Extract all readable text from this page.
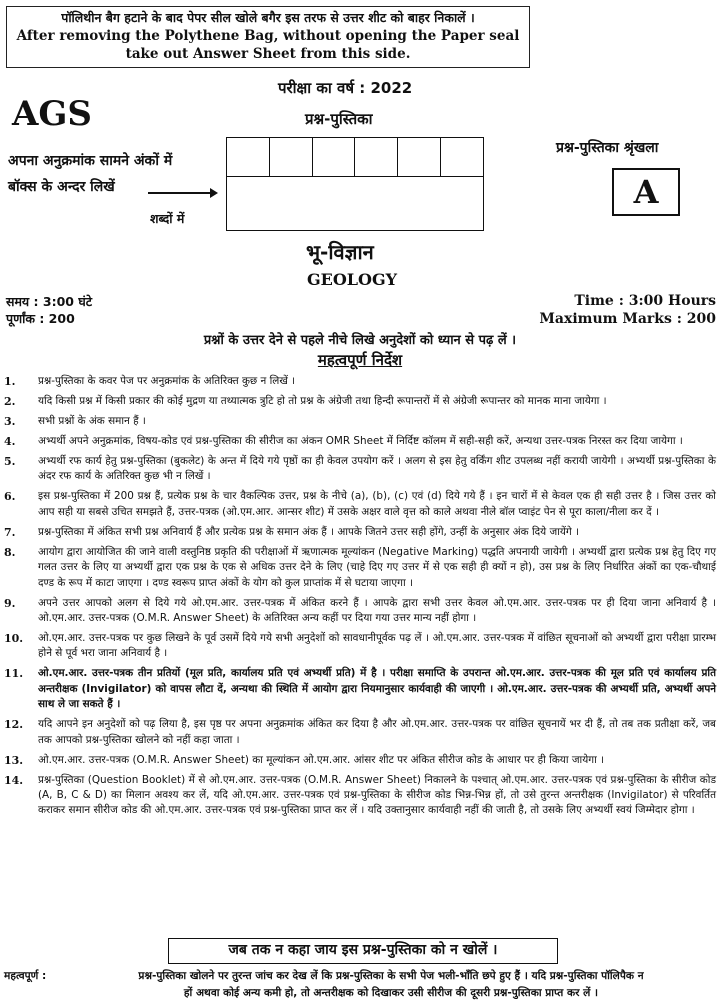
पॉलिथीन बैग हटाने के बाद पेपर सील खोले बगैर इस तरफ से उत्तर शीट को बाहर निकालें ।
After removing the Polythene Bag, without opening the Paper seal
take out Answer Sheet from this side.
परीक्षा का वर्ष : 2022
AGS	प्रश्न-पुस्तिका
प्रश्न-पुस्तिका श्रृंखला
A
अपना अनुक्रमांक सामने अंकों में
बॉक्स के अन्दर लिखें
शब्दों में
भू-विज्ञान
GEOLOGY
समय : 3:00 घंटे
पूर्णांक : 200
Time : 3:00 Hours
Maximum Marks : 200
प्रश्नों के उत्तर देने से पहले नीचे लिखे अनुदेशों को ध्यान से पढ़ लें ।
महत्वपूर्ण निर्देश
1.	प्रश्न-पुस्तिका के कवर पेज पर अनुक्रमांक के अतिरिक्त कुछ न लिखें ।
2.	यदि किसी प्रश्न में किसी प्रकार की कोई मुद्रण या तथ्यात्मक त्रुटि हो तो प्रश्न के अंग्रेजी तथा हिन्दी रूपान्तरों में से अंग्रेजी रूपान्तर को मानक माना जायेगा ।
3.	सभी प्रश्नों के अंक समान हैं ।
4.	अभ्यर्थी अपने अनुक्रमांक, विषय-कोड एवं प्रश्न-पुस्तिका की सीरीज का अंकन OMR Sheet में निर्दिष्ट कॉलम में सही-सही करें, अन्यथा उत्तर-पत्रक निरस्त कर दिया जायेगा ।
5.	अभ्यर्थी रफ कार्य हेतु प्रश्न-पुस्तिका (बुकलेट) के अन्त में दिये गये पृष्ठों का ही केवल उपयोग करें । अलग से इस हेतु वर्किंग शीट उपलब्ध नहीं करायी जायेगी । अभ्यर्थी प्रश्न-पुस्तिका के अंदर रफ कार्य के अतिरिक्त कुछ भी न लिखें ।
6.	इस प्रश्न-पुस्तिका में 200 प्रश्न हैं, प्रत्येक प्रश्न के चार वैकल्पिक उत्तर, प्रश्न के नीचे (a), (b), (c) एवं (d) दिये गये हैं । इन चारों में से केवल एक ही सही उत्तर है । जिस उत्तर को आप सही या सबसे उचित समझते हैं, उत्तर-पत्रक (ओ.एम.आर. आन्सर शीट) में उसके अक्षर वाले वृत्त को काले अथवा नीले बॉल प्वाइंट पेन से पूरा काला/नीला कर दें ।
7.	प्रश्न-पुस्तिका में अंकित सभी प्रश्न अनिवार्य हैं और प्रत्येक प्रश्न के समान अंक हैं । आपके जितने उत्तर सही होंगे, उन्हीं के अनुसार अंक दिये जायेंगे ।
8.	आयोग द्वारा आयोजित की जाने वाली वस्तुनिष्ठ प्रकृति की परीक्षाओं में ऋणात्मक मूल्यांकन (Negative Marking) पद्धति अपनायी जायेगी । अभ्यर्थी द्वारा प्रत्येक प्रश्न हेतु दिए गए गलत उत्तर के लिए या अभ्यर्थी द्वारा एक प्रश्न के एक से अधिक उत्तर देने के लिए (चाहे दिए गए उत्तर में से एक सही ही क्यों न हो), उस प्रश्न के लिए निर्धारित अंकों का एक-चौथाई दण्ड के रूप में काटा जाएगा । दण्ड स्वरूप प्राप्त अंकों के योग को कुल प्राप्तांक में से घटाया जाएगा ।
9.	अपने उत्तर आपको अलग से दिये गये ओ.एम.आर. उत्तर-पत्रक में अंकित करने हैं । आपके द्वारा सभी उत्तर केवल ओ.एम.आर. उत्तर-पत्रक पर ही दिया जाना अनिवार्य है । ओ.एम.आर. उत्तर-पत्रक (O.M.R. Answer Sheet) के अतिरिक्त अन्य कहीं पर दिया गया उत्तर मान्य नहीं होगा ।
10.	ओ.एम.आर. उत्तर-पत्रक पर कुछ लिखने के पूर्व उसमें दिये गये सभी अनुदेशों को सावधानीपूर्वक पढ़ लें । ओ.एम.आर. उत्तर-पत्रक में वांछित सूचनाओं को अभ्यर्थी द्वारा परीक्षा प्रारम्भ होने से पूर्व भरा जाना अनिवार्य है ।
11.	ओ.एम.आर. उत्तर-पत्रक तीन प्रतियों (मूल प्रति, कार्यालय प्रति एवं अभ्यर्थी प्रति) में है । परीक्षा समाप्ति के उपरान्त ओ.एम.आर. उत्तर-पत्रक की मूल प्रति एवं कार्यालय प्रति अन्तरीक्षक (Invigilator) को वापस लौटा दें, अन्यथा की स्थिति में आयोग द्वारा नियमानुसार कार्यवाही की जाएगी । ओ.एम.आर. उत्तर-पत्रक की अभ्यर्थी प्रति, अभ्यर्थी अपने साथ ले जा सकते हैं ।
12.	यदि आपने इन अनुदेशों को पढ़ लिया है, इस पृष्ठ पर अपना अनुक्रमांक अंकित कर दिया है और ओ.एम.आर. उत्तर-पत्रक पर वांछित सूचनायें भर दी हैं, तो तब तक प्रतीक्षा करें, जब तक आपको प्रश्न-पुस्तिका खोलने को नहीं कहा जाता ।
13.	ओ.एम.आर. उत्तर-पत्रक (O.M.R. Answer Sheet) का मूल्यांकन ओ.एम.आर. आंसर शीट पर अंकित सीरीज कोड के आधार पर ही किया जायेगा ।
14.	प्रश्न-पुस्तिका (Question Booklet) में से ओ.एम.आर. उत्तर-पत्रक (O.M.R. Answer Sheet) निकालने के पश्चात् ओ.एम.आर. उत्तर-पत्रक एवं प्रश्न-पुस्तिका के सीरीज कोड (A, B, C & D) का मिलान अवश्य कर लें, यदि ओ.एम.आर. उत्तर-पत्रक एवं प्रश्न-पुस्तिका के सीरीज कोड भिन्न-भिन्न हों, तो उसे तुरन्त अन्तरीक्षक (Invigilator) से परिवर्तित कराकर समान सीरीज कोड की ओ.एम.आर. उत्तर-पत्रक एवं प्रश्न-पुस्तिका प्राप्त कर लें । यदि उक्तानुसार कार्यवाही नहीं की जाती है, तो उसके लिए अभ्यर्थी स्वयं जिम्मेदार होगा ।
जब तक न कहा जाय इस प्रश्न-पुस्तिका को न खोलें ।
महत्वपूर्ण :	प्रश्न-पुस्तिका खोलने पर तुरन्त जांच कर देख लें कि प्रश्न-पुस्तिका के सभी पेज भली-भाँति छपे हुए हैं । यदि प्रश्न-पुस्तिका पॉलिपैक न
हों अथवा कोई अन्य कमी हो, तो अन्तरीक्षक को दिखाकर उसी सीरीज की दूसरी प्रश्न-पुस्तिका प्राप्त कर लें ।
